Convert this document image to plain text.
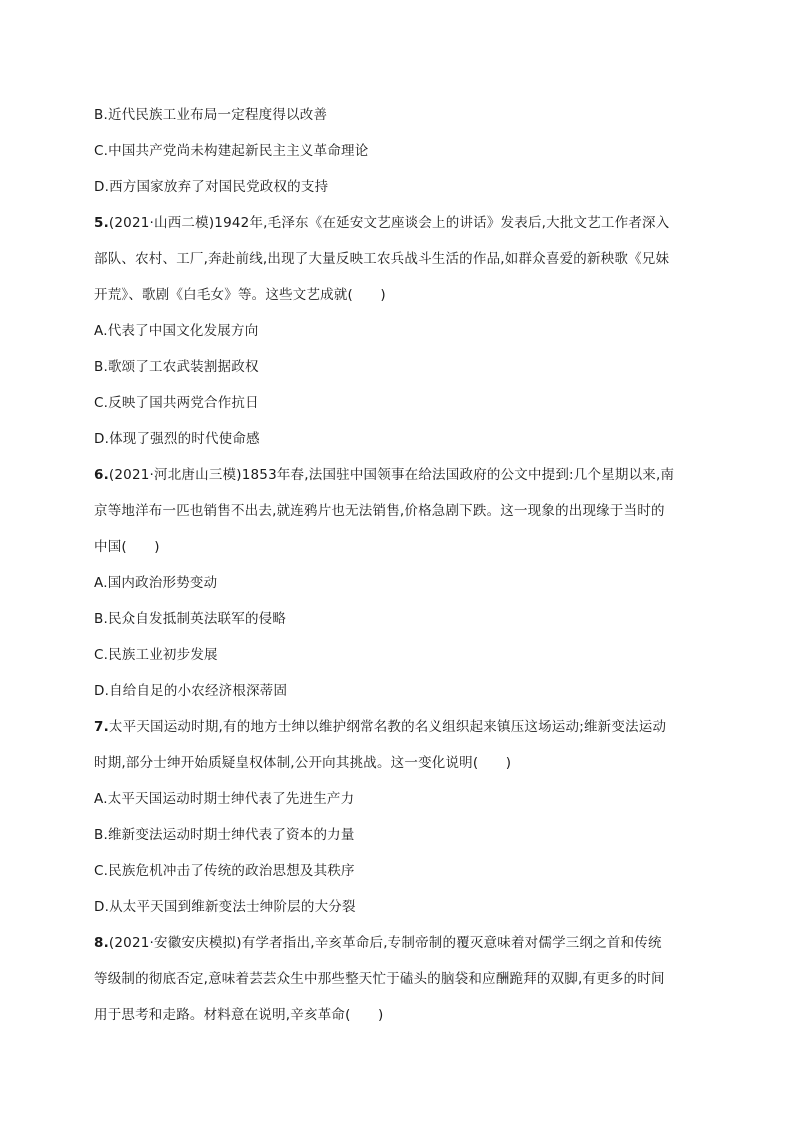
B.近代民族工业布局一定程度得以改善
C.中国共产党尚未构建起新民主主义革命理论
D.西方国家放弃了对国民党政权的支持
5.(2021·山西二模)1942年,毛泽东《在延安文艺座谈会上的讲话》发表后,大批文艺工作者深入
部队、农村、工厂,奔赴前线,出现了大量反映工农兵战斗生活的作品,如群众喜爱的新秧歌《兄妹
开荒》、歌剧《白毛女》等。这些文艺成就(　　)
A.代表了中国文化发展方向
B.歌颂了工农武装割据政权
C.反映了国共两党合作抗日
D.体现了强烈的时代使命感
6.(2021·河北唐山三模)1853年春,法国驻中国领事在给法国政府的公文中提到:几个星期以来,南
京等地洋布一匹也销售不出去,就连鸦片也无法销售,价格急剧下跌。这一现象的出现缘于当时的
中国(　　)
A.国内政治形势变动
B.民众自发抵制英法联军的侵略
C.民族工业初步发展
D.自给自足的小农经济根深蒂固
7.太平天国运动时期,有的地方士绅以维护纲常名教的名义组织起来镇压这场运动;维新变法运动
时期,部分士绅开始质疑皇权体制,公开向其挑战。这一变化说明(　　)
A.太平天国运动时期士绅代表了先进生产力
B.维新变法运动时期士绅代表了资本的力量
C.民族危机冲击了传统的政治思想及其秩序
D.从太平天国到维新变法士绅阶层的大分裂
8.(2021·安徽安庆模拟)有学者指出,辛亥革命后,专制帝制的覆灭意味着对儒学三纲之首和传统
等级制的彻底否定,意味着芸芸众生中那些整天忙于磕头的脑袋和应酬跪拜的双脚,有更多的时间
用于思考和走路。材料意在说明,辛亥革命(　　)
